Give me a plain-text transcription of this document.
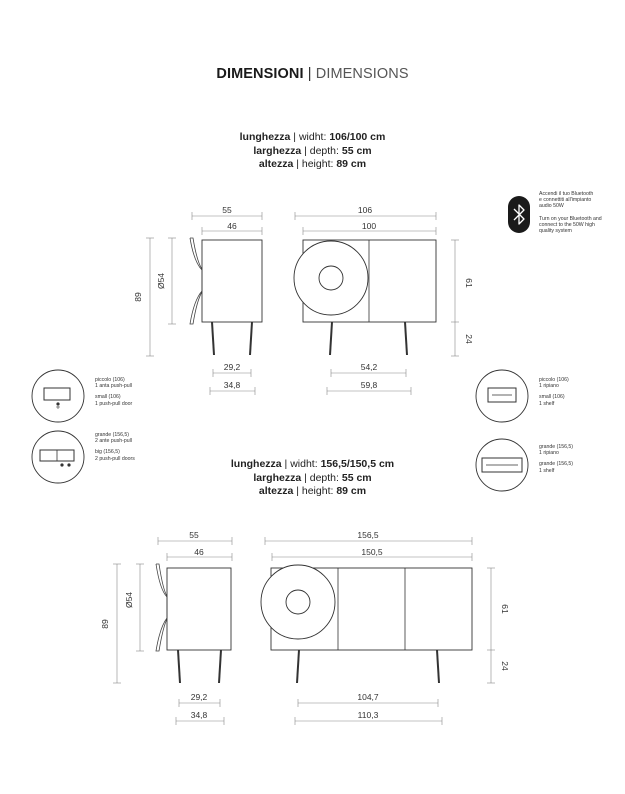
DIMENSIONI | DIMENSIONS
lunghezza | widht: 106/100 cm
larghezza | depth: 55 cm
altezza | height: 89 cm
lunghezza | widht: 156,5/150,5 cm
larghezza | depth: 55 cm
altezza | height: 89 cm
Accendi il tuo Bluetooth
e connettiti all'impianto
audio 50W
Turn on your Bluetooth and
connect to the 50W high
quality system
piccolo (106)
1 anta push-pull
small (106)
1 push-pull door
grande (156,5)
2 ante push-pull
big (156,5)
2 push-pull doors
piccolo (106)
1 ripiano
small (106)
1 shelf
grande (156,5)
1 ripiano
grande (156,5)
1 shelf
55
46
89
Ø54
29,2
34,8
106
100
61
24
54,2
59,8
55
46
89
Ø54
29,2
34,8
156,5
150,5
61
24
104,7
110,3
